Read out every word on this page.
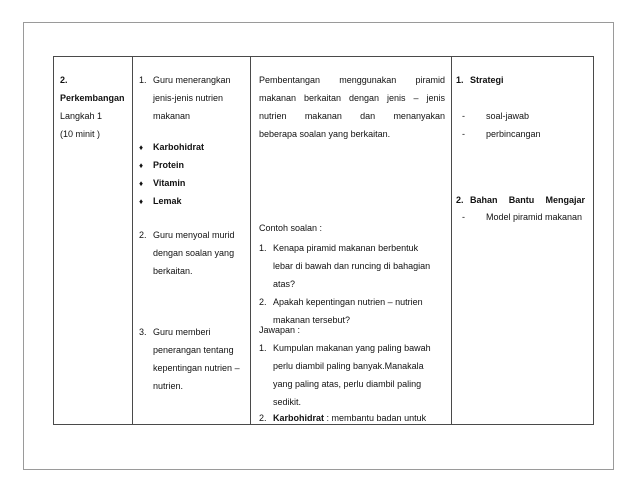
2.
Perkembangan
Langkah 1
(10 minit )
1. Guru menerangkan
jenis-jenis nutrien
makanan
♦ Karbohidrat
♦ Protein
♦ Vitamin
♦ Lemak
2. Guru menyoal murid
dengan soalan yang
berkaitan.
3. Guru memberi
penerangan tentang
kepentingan nutrien –
nutrien.
Pembentangan menggunakan piramid
makanan berkaitan dengan jenis – jenis
nutrien makanan dan menanyakan
beberapa soalan yang berkaitan.
Contoh soalan :
1. Kenapa piramid makanan berbentuk
lebar di bawah dan runcing di bahagian
atas?
2. Apakah kepentingan nutrien – nutrien
makanan tersebut?
Jawapan :
1. Kumpulan makanan yang paling bawah
perlu diambil paling banyak.Manakala
yang paling atas, perlu diambil paling
sedikit.
2. Karbohidrat : membantu badan untuk
1. Strategi
- soal-jawab
- perbincangan
2. Bahan Bantu Mengajar
- Model piramid makanan
